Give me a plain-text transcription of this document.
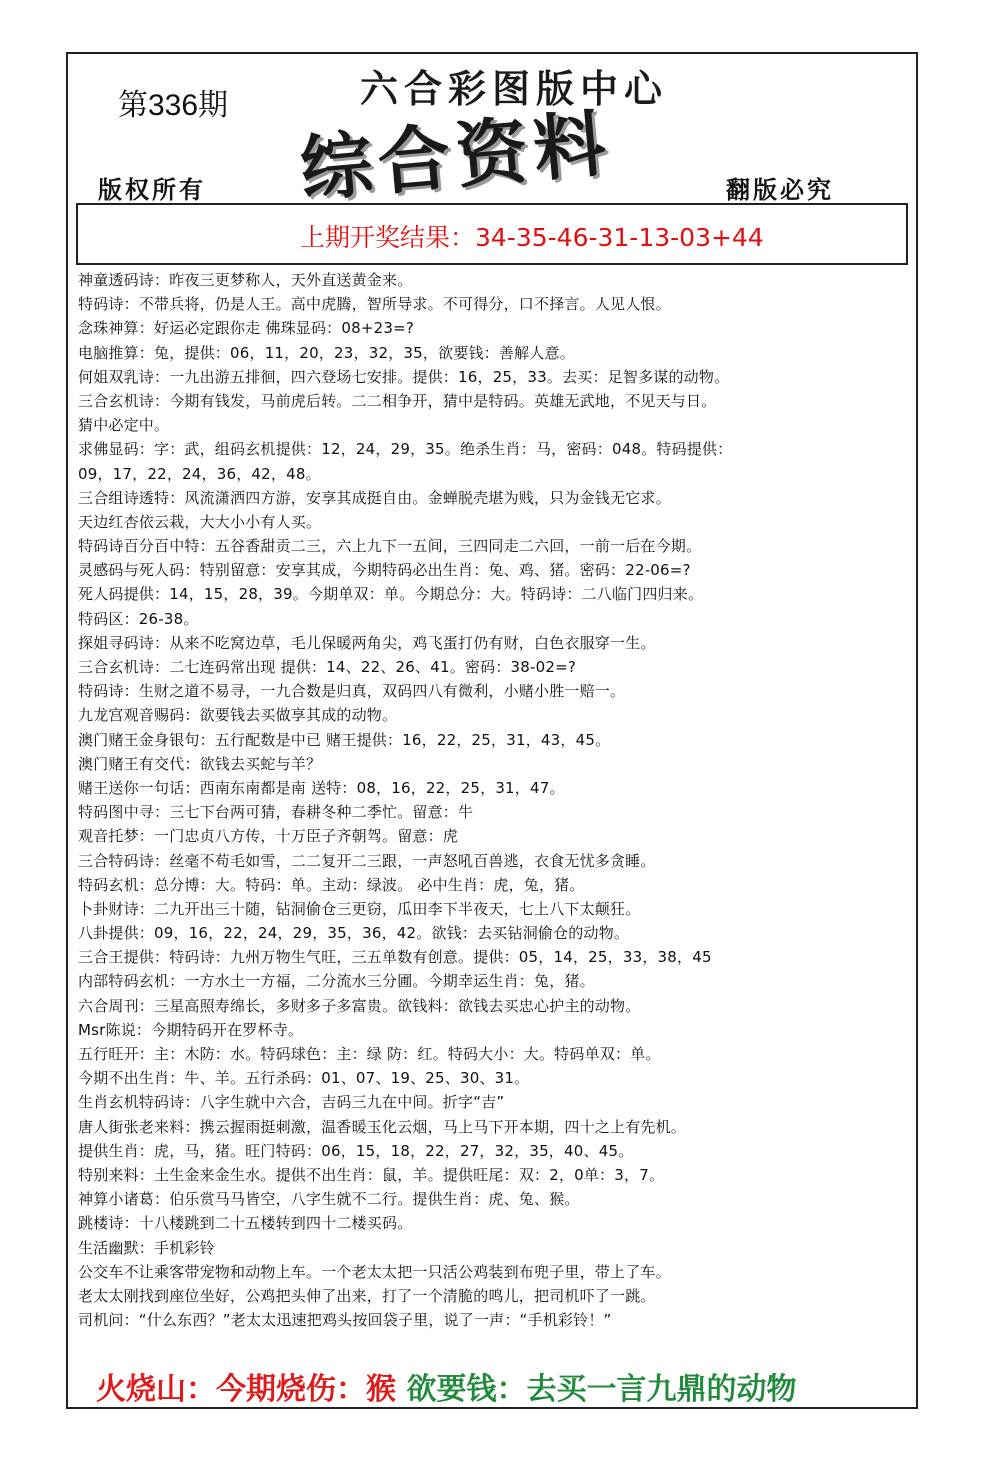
第336期	六合彩图版中心
综合资料
版权所有	翻版必究
上期开奖结果：34-35-46-31-13-03+44
神童透码诗：昨夜三更梦称人，天外直送黄金来。
特码诗：不带兵将，仍是人王。高中虎腾，智所导求。不可得分，口不择言。人见人恨。
念珠神算：好运必定跟你走 佛珠显码：08+23=?
电脑推算：兔，提供：06，11，20，23，32，35，欲要钱：善解人意。
何姐双乳诗：一九出游五排徊，四六登场七安排。提供：16，25，33。去买：足智多谋的动物。
三合玄机诗：今期有钱发，马前虎后转。二二相争开，猜中是特码。英雄无武地，不见天与日。
猜中必定中。
求佛显码：字：武，组码玄机提供：12，24，29，35。绝杀生肖：马，密码：048。特码提供：
09，17，22，24，36，42，48。
三合组诗透特：风流潇洒四方游，安享其成挺自由。金蝉脱壳堪为贱，只为金钱无它求。
天边红杏依云栽，大大小小有人买。
特码诗百分百中特：五谷香甜贡二三，六上九下一五间，三四同走二六回，一前一后在今期。
灵感码与死人码：特别留意：安享其成，今期特码必出生肖：兔、鸡、猪。密码：22-06=?
死人码提供：14，15，28，39。今期单双：单。今期总分：大。特码诗：二八临门四归来。
特码区：26-38。
探姐寻码诗：从来不吃窝边草，毛儿保暖两角尖，鸡飞蛋打仍有财，白色衣服穿一生。
三合玄机诗：二七连码常出现 提供：14、22、26、41。密码：38-02=?
特码诗：生财之道不易寻，一九合数是归真，双码四八有微利，小赌小胜一赔一。
九龙宫观音赐码：欲要钱去买做享其成的动物。
澳门赌王金身银句：五行配数是中已 赌王提供：16，22，25，31，43，45。
澳门赌王有交代：欲钱去买蛇与羊？
赌王送你一句话：西南东南都是南 送特：08，16，22，25，31，47。
特码图中寻：三七下台两可猜，春耕冬种二季忙。留意：牛
观音托梦：一门忠贞八方传，十万臣子齐朝驾。留意：虎
三合特码诗：丝毫不苟毛如雪，二二复开二三跟，一声怒吼百兽逃，衣食无忧多贪睡。
特码玄机：总分博：大。特码：单。主动：绿波。 必中生肖：虎，兔，猪。
卜卦财诗：二九开出三十随，钻洞偷仓三更窃，瓜田李下半夜天，七上八下太颠狂。
八卦提供：09，16，22，24，29，35，36，42。欲钱：去买钻洞偷仓的动物。
三合王提供：特码诗：九州万物生气旺，三五单数有创意。提供：05，14，25，33，38，45
内部特码玄机：一方水土一方福，二分流水三分圃。今期幸运生肖：兔，猪。
六合周刊：三星高照寿绵长，多财多子多富贵。欲钱料：欲钱去买忠心护主的动物。
Msr陈说：今期特码开在罗杯寺。
五行旺开：主：木防：水。特码球色：主：绿 防：红。特码大小：大。特码单双：单。
今期不出生肖：牛、羊。五行杀码：01、07、19、25、30、31。
生肖玄机特码诗：八字生就中六合，吉码三九在中间。折字“吉”
唐人街张老来料：携云握雨挺刺激，温香暖玉化云烟，马上马下开本期，四十之上有先机。
提供生肖：虎，马，猪。旺门特码：06，15，18，22，27，32，35，40、45。
特别来料：土生金来金生水。提供不出生肖：鼠，羊。提供旺尾：双：2，0单：3，7。
神算小诸葛：伯乐赏马马皆空，八字生就不二行。提供生肖：虎、兔、猴。
跳楼诗：十八楼跳到二十五楼转到四十二楼买码。
生活幽默：手机彩铃
公交车不让乘客带宠物和动物上车。一个老太太把一只活公鸡装到布兜子里，带上了车。
老太太刚找到座位坐好，公鸡把头伸了出来，打了一个清脆的鸣儿，把司机吓了一跳。
司机问：“什么东西？”老太太迅速把鸡头按回袋子里，说了一声：“手机彩铃！”
火烧山：今期烧伤：猴 欲要钱：去买一言九鼎的动物
